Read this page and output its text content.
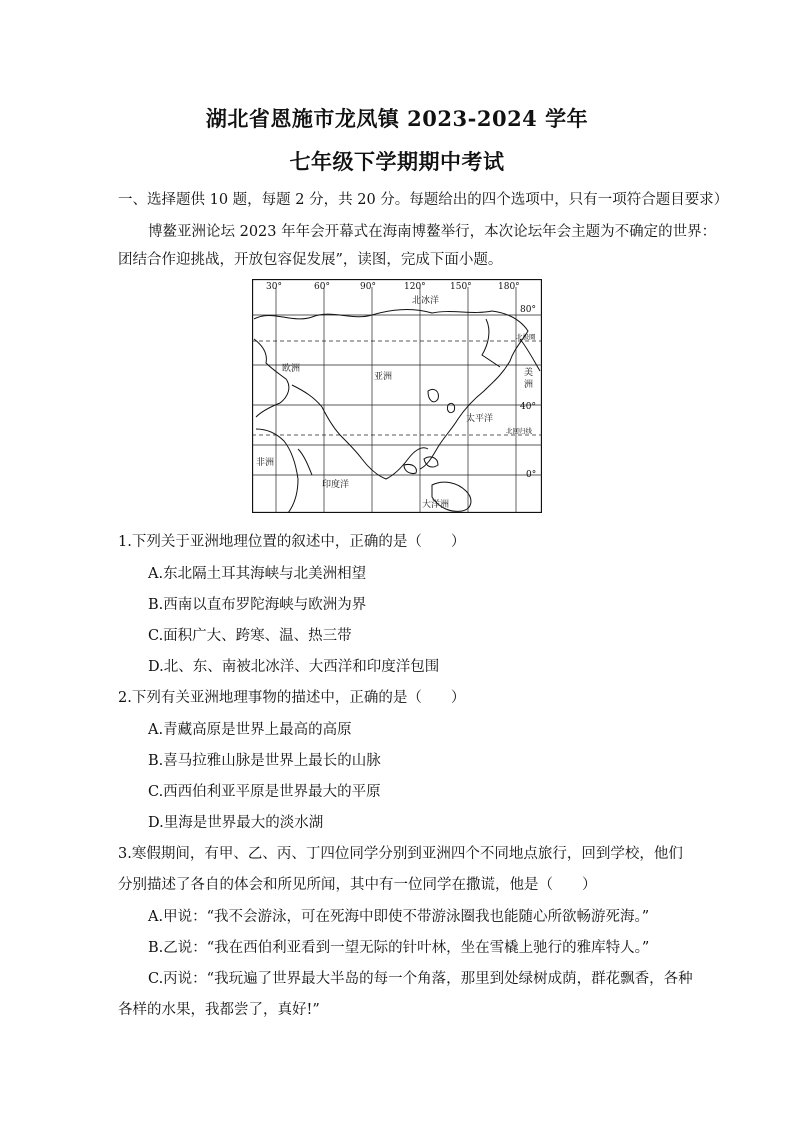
湖北省恩施市龙凤镇 2023-2024 学年
七年级下学期期中考试
一、选择题供 10 题，每题 2 分，共 20 分。每题给出的四个选项中，只有一项符合题目要求）
博鳌亚洲论坛 2023 年年会开幕式在海南博鳌举行，本次论坛年会主题为不确定的世界：
团结合作迎挑战，开放包容促发展”，读图，完成下面小题。
30°	60°	90°	120°	150°	180°
80°
40°
0°
北冰洋
欧洲
亚洲
非洲
印度洋
太平洋
大洋洲
美
洲
北极圈
北回归线
1.下列关于亚洲地理位置的叙述中，正确的是（　　）
A.东北隔土耳其海峡与北美洲相望
B.西南以直布罗陀海峡与欧洲为界
C.面积广大、跨寒、温、热三带
D.北、东、南被北冰洋、大西洋和印度洋包围
2.下列有关亚洲地理事物的描述中，正确的是（　　）
A.青藏高原是世界上最高的高原
B.喜马拉雅山脉是世界上最长的山脉
C.西西伯利亚平原是世界最大的平原
D.里海是世界最大的淡水湖
3.寒假期间，有甲、乙、丙、丁四位同学分别到亚洲四个不同地点旅行，回到学校，他们
分别描述了各自的体会和所见所闻，其中有一位同学在撒谎，他是（　　）
A.甲说：“我不会游泳，可在死海中即使不带游泳圈我也能随心所欲畅游死海。”
B.乙说：“我在西伯利亚看到一望无际的针叶林，坐在雪橇上驰行的雅库特人。”
C.丙说：“我玩遍了世界最大半岛的每一个角落，那里到处绿树成荫，群花飘香，各种
各样的水果，我都尝了，真好!”
